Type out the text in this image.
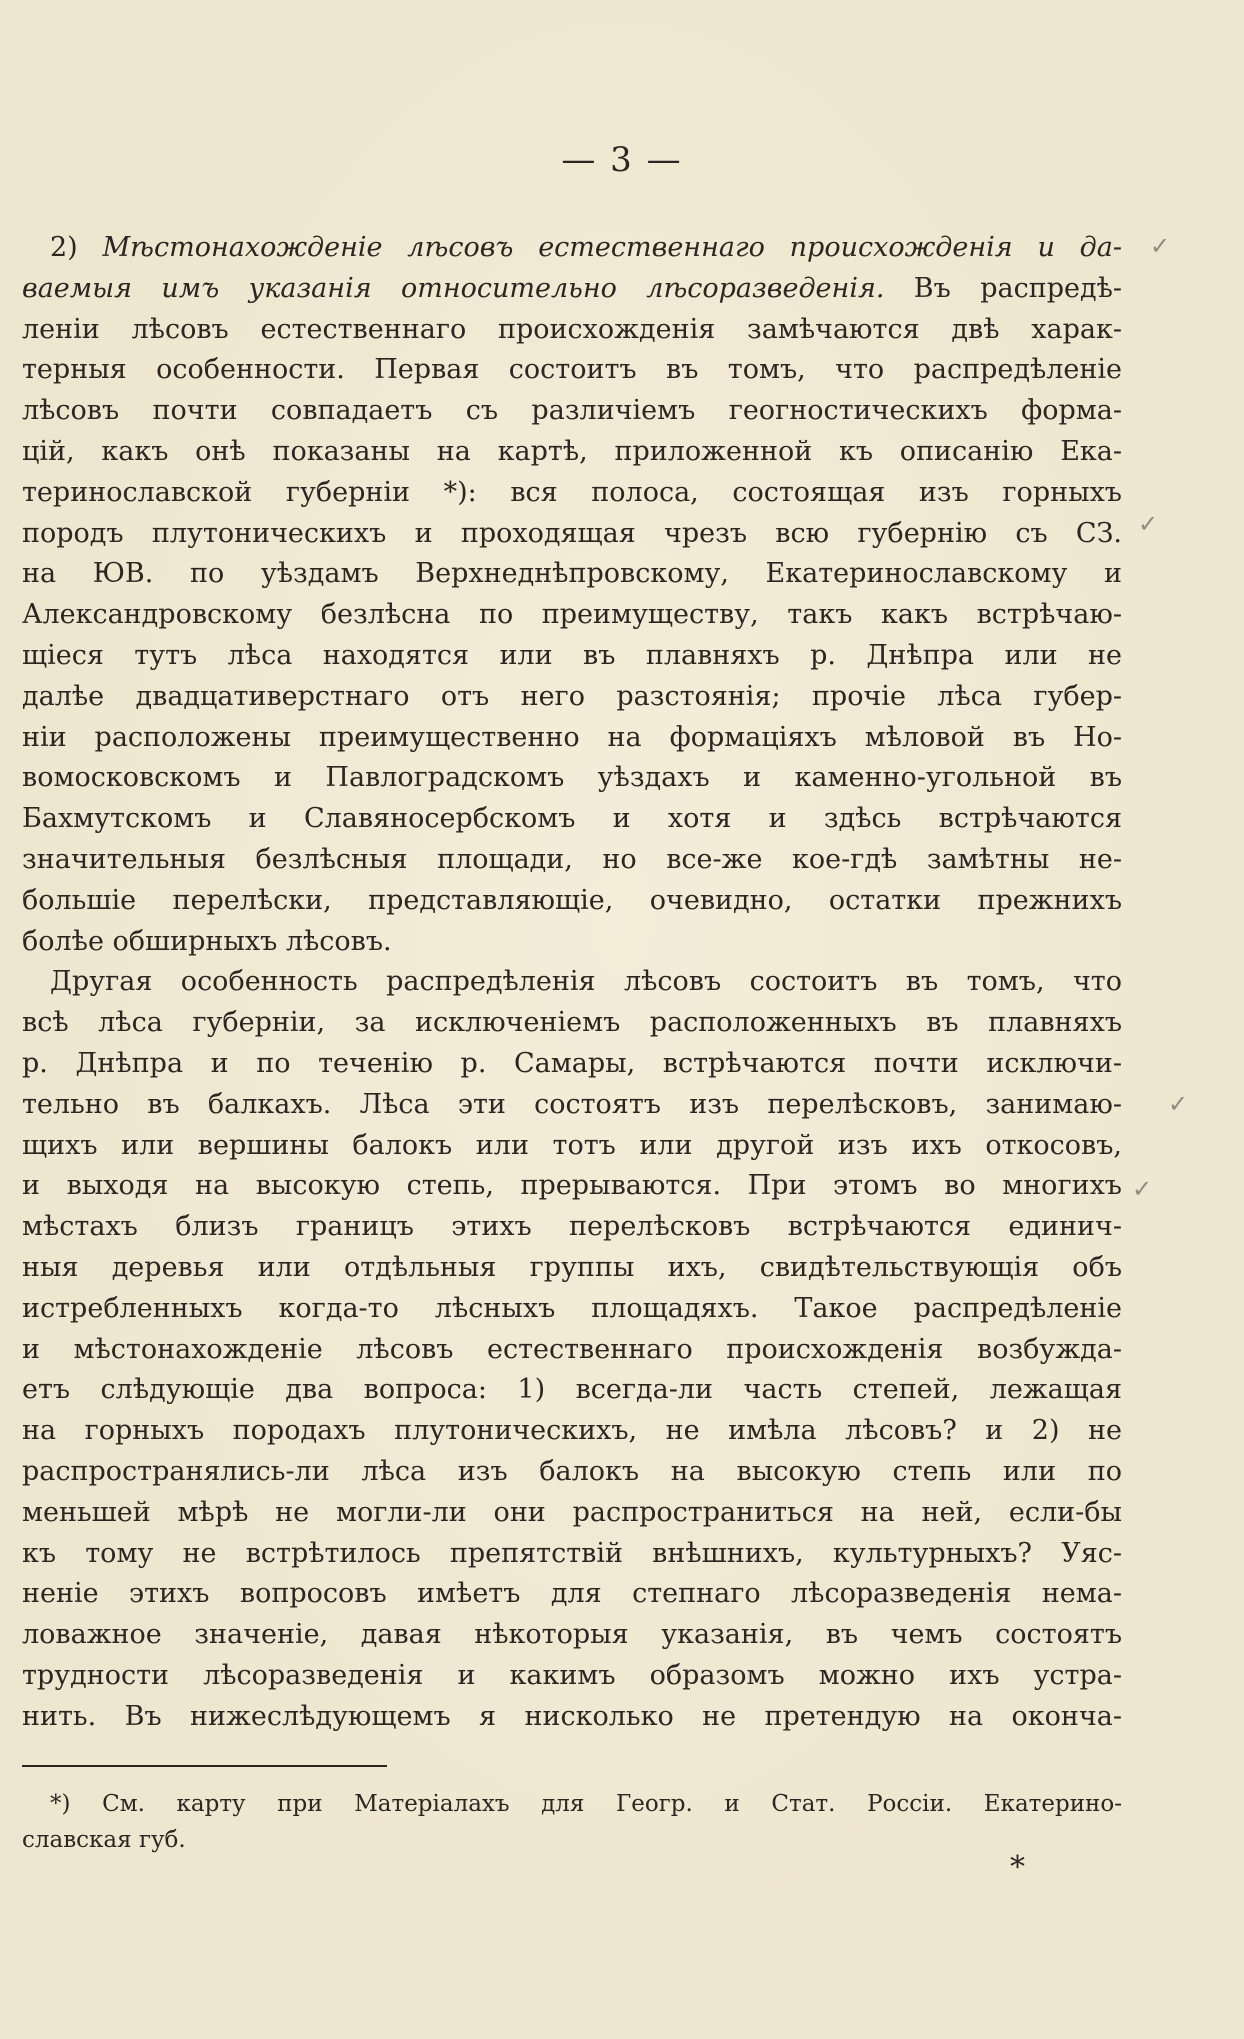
— 3 —
2) Мѣстонахожденіе лѣсовъ естественнаго происхожденія и да-
ваемыя имъ указанія относительно лѣсоразведенія. Въ распредѣ-
леніи лѣсовъ естественнаго происхожденія замѣчаются двѣ харак-
терныя особенности. Первая состоитъ въ томъ, что распредѣленіе
лѣсовъ почти совпадаетъ съ различіемъ геогностическихъ форма-
цій, какъ онѣ показаны на картѣ, приложенной къ описанію Ека-
теринославской губерніи *): вся полоса, состоящая изъ горныхъ
породъ плутоническихъ и проходящая чрезъ всю губернію съ СЗ.
на ЮВ. по уѣздамъ Верхнеднѣпровскому, Екатеринославскому и
Александровскому безлѣсна по преимуществу, такъ какъ встрѣчаю-
щіеся тутъ лѣса находятся или въ плавняхъ р. Днѣпра или не
далѣе двадцативерстнаго отъ него разстоянія; прочіе лѣса губер-
ніи расположены преимущественно на формаціяхъ мѣловой въ Но-
вомосковскомъ и Павлоградскомъ уѣздахъ и каменно-угольной въ
Бахмутскомъ и Славяносербскомъ и хотя и здѣсь встрѣчаются
значительныя безлѣсныя площади, но все-же кое-гдѣ замѣтны не-
большіе перелѣски, представляющіе, очевидно, остатки прежнихъ
болѣе обширныхъ лѣсовъ.
Другая особенность распредѣленія лѣсовъ состоитъ въ томъ, что
всѣ лѣса губерніи, за исключеніемъ расположенныхъ въ плавняхъ
р. Днѣпра и по теченію р. Самары, встрѣчаются почти исключи-
тельно въ балкахъ. Лѣса эти состоятъ изъ перелѣсковъ, занимаю-
щихъ или вершины балокъ или тотъ или другой изъ ихъ откосовъ,
и выходя на высокую степь, прерываются. При этомъ во многихъ
мѣстахъ близъ границъ этихъ перелѣсковъ встрѣчаются единич-
ныя деревья или отдѣльныя группы ихъ, свидѣтельствующія объ
истребленныхъ когда-то лѣсныхъ площадяхъ. Такое распредѣленіе
и мѣстонахожденіе лѣсовъ естественнаго происхожденія возбужда-
етъ слѣдующіе два вопроса: 1) всегда-ли часть степей, лежащая
на горныхъ породахъ плутоническихъ, не имѣла лѣсовъ? и 2) не
распространялись-ли лѣса изъ балокъ на высокую степь или по
меньшей мѣрѣ не могли-ли они распространиться на ней, если-бы
къ тому не встрѣтилось препятствій внѣшнихъ, культурныхъ? Уяс-
неніе этихъ вопросовъ имѣетъ для степнаго лѣсоразведенія нема-
ловажное значеніе, давая нѣкоторыя указанія, въ чемъ состоятъ
трудности лѣсоразведенія и какимъ образомъ можно ихъ устра-
нить. Въ нижеслѣдующемъ я нисколько не претендую на оконча-
*) См. карту при Матеріалахъ для Геогр. и Стат. Россіи. Екатерино-
славская губ.
✓
✓
✓
✓
*
